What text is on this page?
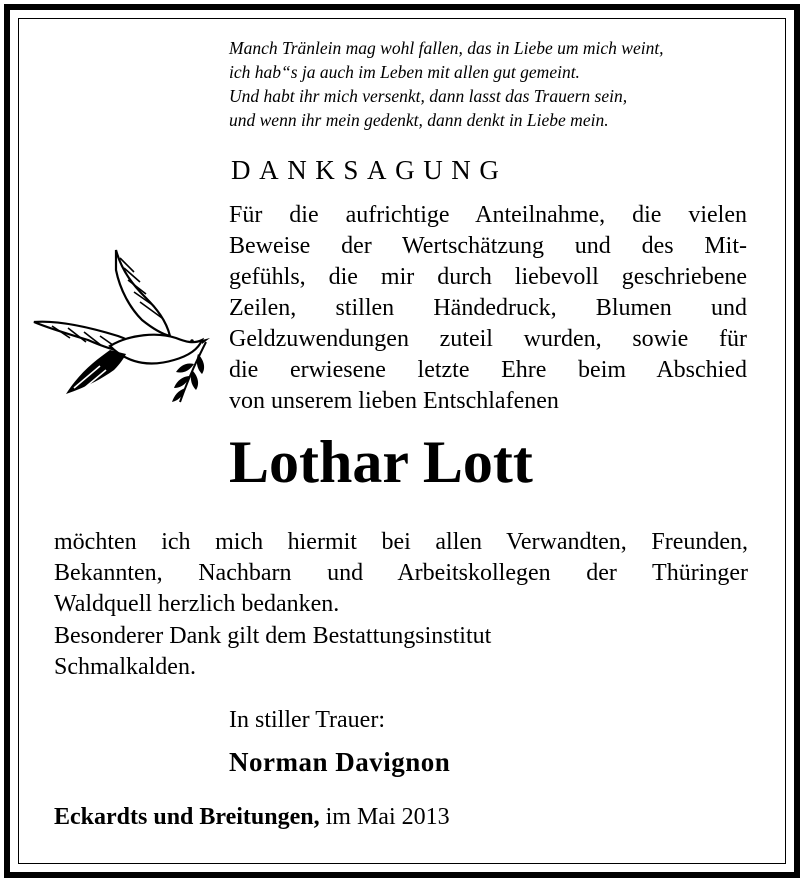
Manch Tränlein mag wohl fallen, das in Liebe um mich weint,
ich hab“s ja auch im Leben mit allen gut gemeint.
Und habt ihr mich versenkt, dann lasst das Trauern sein,
und wenn ihr mein gedenkt, dann denkt in Liebe mein.
DANKSAGUNG
Für die aufrichtige Anteilnahme, die vielen
Beweise der Wertschätzung und des Mit-
gefühls, die mir durch liebevoll geschriebene
Zeilen, stillen Händedruck, Blumen und
Geldzuwendungen zuteil wurden, sowie für
die erwiesene letzte Ehre beim Abschied
von unserem lieben Entschlafenen
Lothar Lott
möchten ich mich hiermit bei allen Verwandten, Freunden,
Bekannten, Nachbarn und Arbeitskollegen der Thüringer
Waldquell herzlich bedanken.
Besonderer Dank gilt dem Bestattungsinstitut
Schmalkalden.
In stiller Trauer:
Norman Davignon
Eckardts und Breitungen, im Mai 2013
